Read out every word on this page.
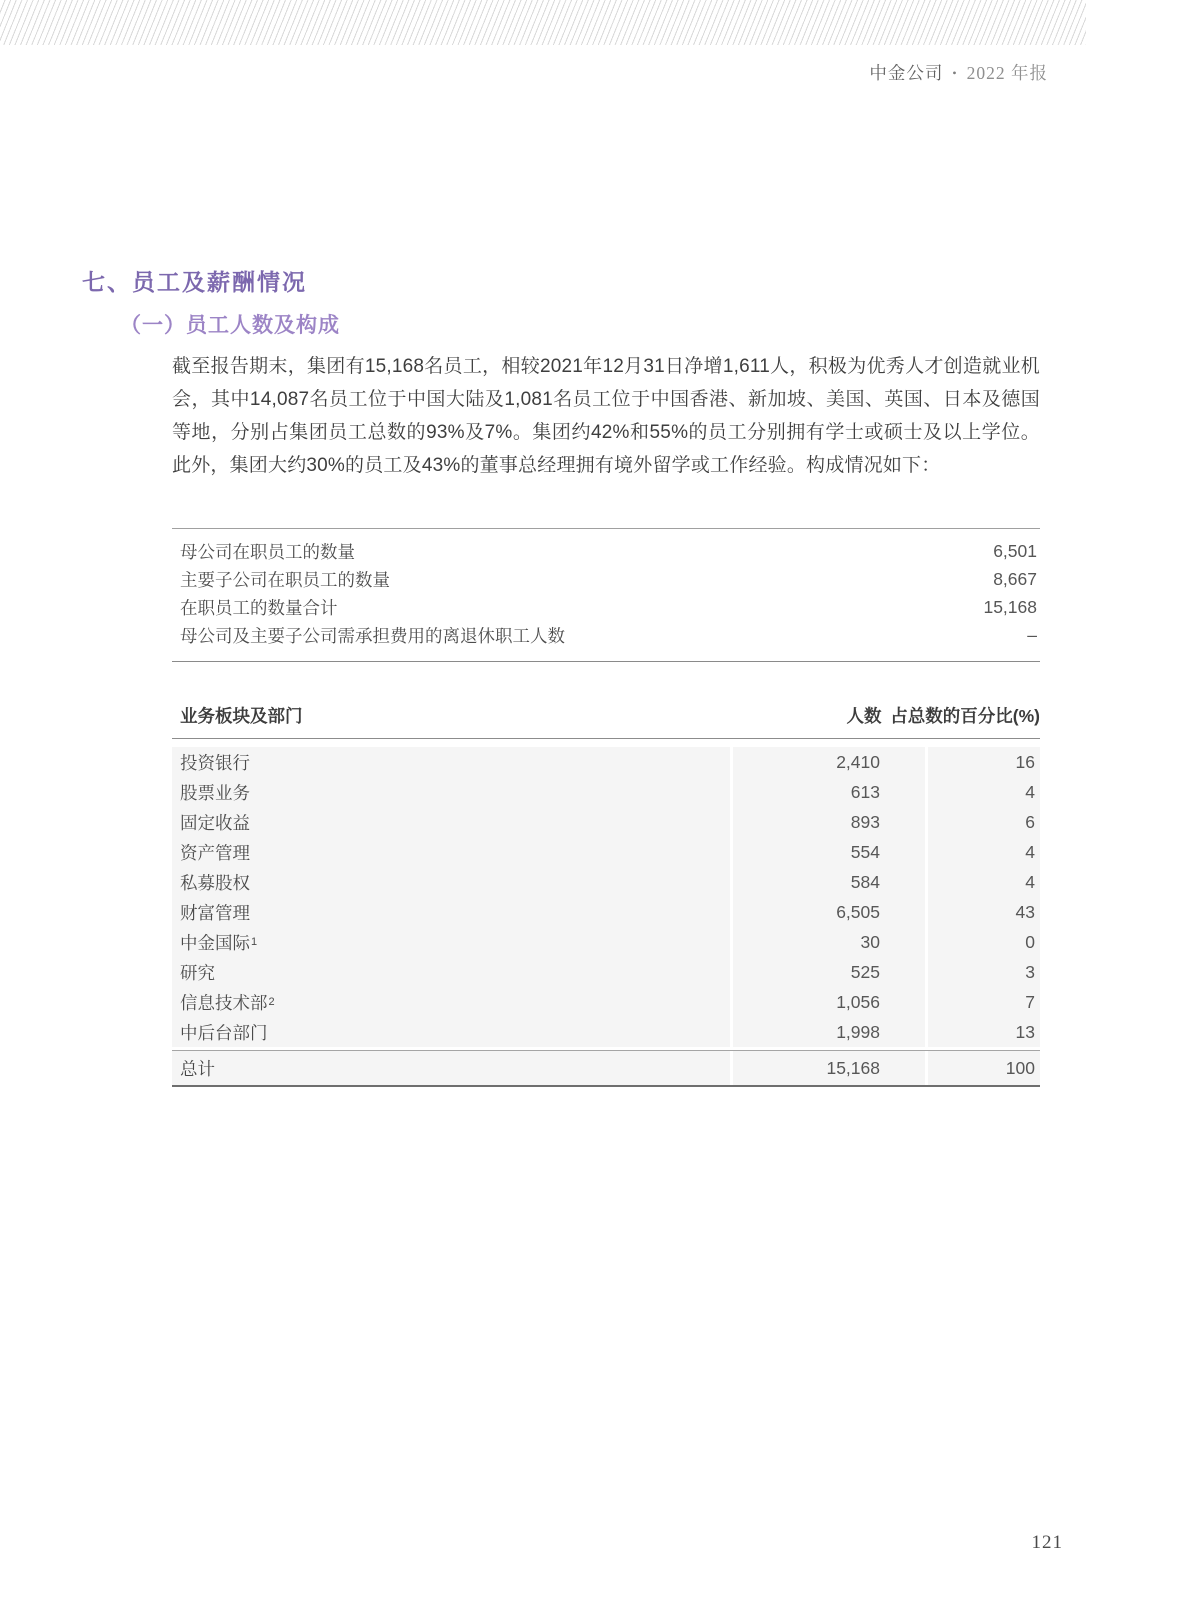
中金公司 • 2022 年报
七、员工及薪酬情况
（一）员工人数及构成
截至报告期末，集团有15,168名员工，相较2021年12月31日净增1,611人，积极为优秀人才创造就业机会，其中14,087名员工位于中国大陆及1,081名员工位于中国香港、新加坡、美国、英国、日本及德国等地，分别占集团员工总数的93%及7%。集团约42%和55%的员工分别拥有学士或硕士及以上学位。此外，集团大约30%的员工及43%的董事总经理拥有境外留学或工作经验。构成情况如下：
母公司在职员工的数量	6,501
主要子公司在职员工的数量	8,667
在职员工的数量合计	15,168
母公司及主要子公司需承担费用的离退休职工人数	–
业务板块及部门	人数 占总数的百分比(%)
投资银行	2,410	16
股票业务	613	4
固定收益	893	6
资产管理	554	4
私募股权	584	4
财富管理	6,505	43
中金国际 1	30	0
研究	525	3
信息技术部 2	1,056	7
中后台部门	1,998	13
总计	15,168	100
121
